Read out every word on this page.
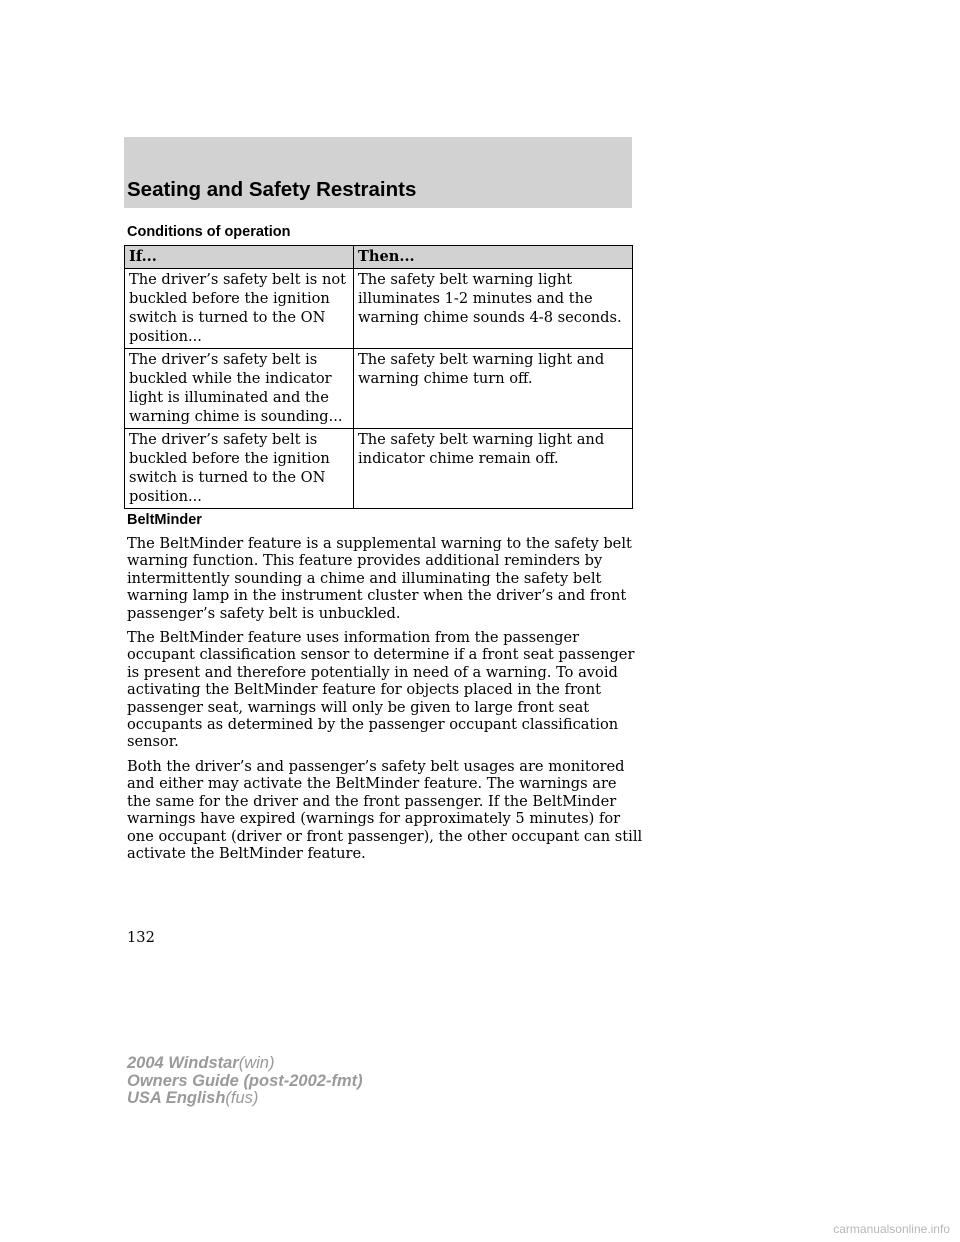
Seating and Safety Restraints
Conditions of operation
If...	Then...
The driver’s safety belt is not buckled before the ignition switch is turned to the ON position...	The safety belt warning light illuminates 1-2 minutes and the warning chime sounds 4-8 seconds.
The driver’s safety belt is buckled while the indicator light is illuminated and the warning chime is sounding...	The safety belt warning light and warning chime turn off.
The driver’s safety belt is buckled before the ignition switch is turned to the ON position...	The safety belt warning light and indicator chime remain off.
BeltMinder

The BeltMinder feature is a supplemental warning to the safety belt warning function. This feature provides additional reminders by intermittently sounding a chime and illuminating the safety belt warning lamp in the instrument cluster when the driver’s and front passenger’s safety belt is unbuckled.

The BeltMinder feature uses information from the passenger occupant classification sensor to determine if a front seat passenger is present and therefore potentially in need of a warning. To avoid activating the BeltMinder feature for objects placed in the front passenger seat, warnings will only be given to large front seat occupants as determined by the passenger occupant classification sensor.

Both the driver’s and passenger’s safety belt usages are monitored and either may activate the BeltMinder feature. The warnings are the same for the driver and the front passenger. If the BeltMinder warnings have expired (warnings for approximately 5 minutes) for one occupant (driver or front passenger), the other occupant can still activate the BeltMinder feature.

132
2004 Windstar(win)
Owners Guide (post-2002-fmt)
USA English(fus)
carmanualsonline.info
